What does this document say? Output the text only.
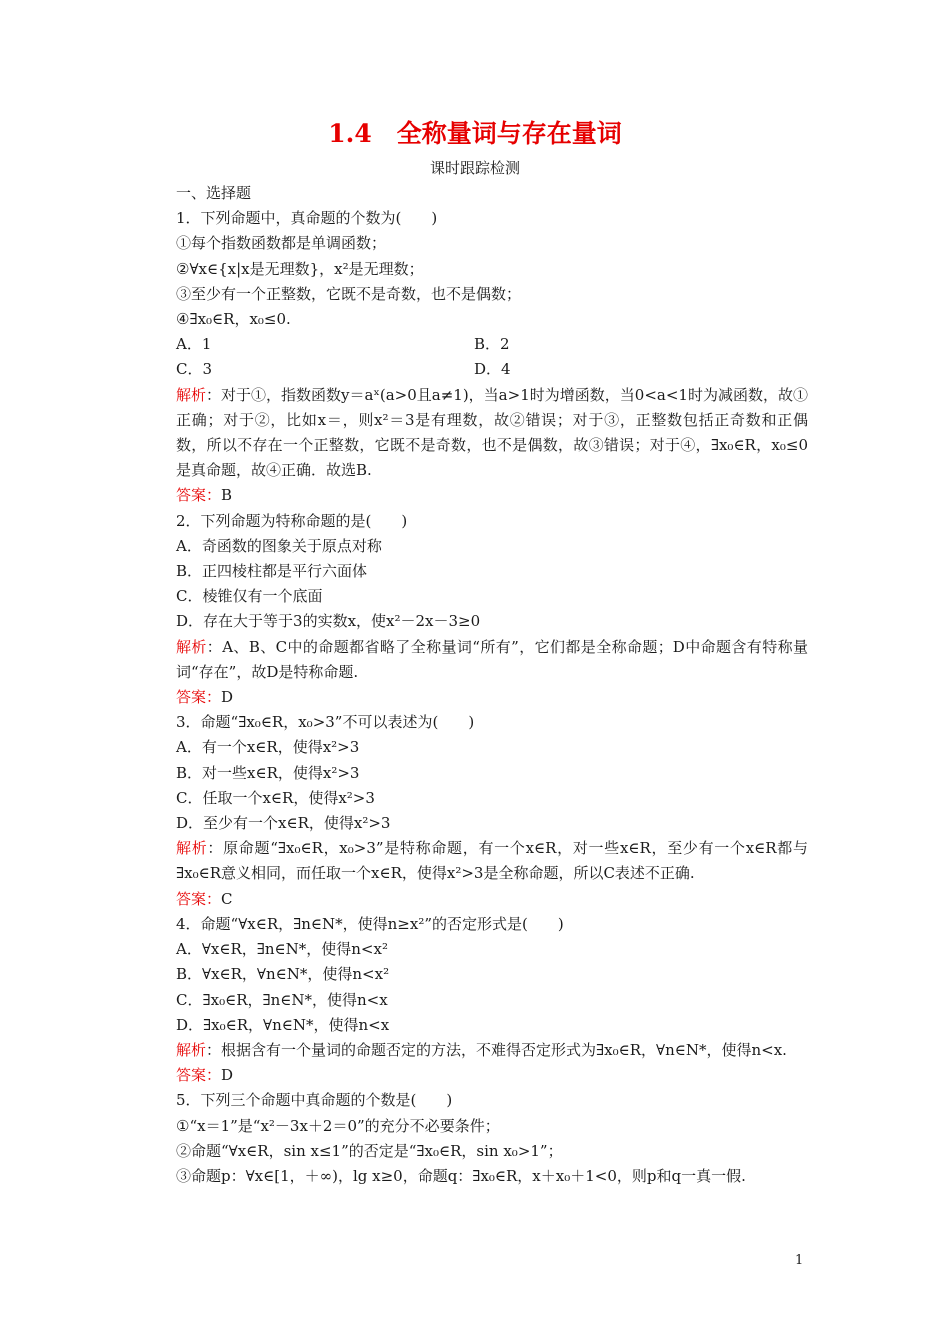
1.4　全称量词与存在量词
课时跟踪检测
一、选择题
1．下列命题中，真命题的个数为(　　)
①每个指数函数都是单调函数；
②∀x∈{x|x是无理数}，x²是无理数；
③至少有一个正整数，它既不是奇数，也不是偶数；
④∃x₀∈R，x₀≤0.
A．1	B．2
C．3	D．4
解析：对于①，指数函数y＝aˣ(a>0且a≠1)，当a>1时为增函数，当0<a<1时为减函数，故①正确；对于②，比如x＝，则x²＝3是有理数，故②错误；对于③，正整数包括正奇数和正偶数，所以不存在一个正整数，它既不是奇数，也不是偶数，故③错误；对于④，∃x₀∈R，x₀≤0是真命题，故④正确．故选B.
答案：B
2．下列命题为特称命题的是(　　)
A．奇函数的图象关于原点对称
B．正四棱柱都是平行六面体
C．棱锥仅有一个底面
D．存在大于等于3的实数x，使x²－2x－3≥0
解析：A、B、C中的命题都省略了全称量词“所有”，它们都是全称命题；D中命题含有特称量词“存在”，故D是特称命题.
答案：D
3．命题“∃x₀∈R，x₀>3”不可以表述为(　　)
A．有一个x∈R，使得x²>3
B．对一些x∈R，使得x²>3
C．任取一个x∈R，使得x²>3
D．至少有一个x∈R，使得x²>3
解析：原命题“∃x₀∈R，x₀>3”是特称命题，有一个x∈R，对一些x∈R，至少有一个x∈R都与∃x₀∈R意义相同，而任取一个x∈R，使得x²>3是全称命题，所以C表述不正确.
答案：C
4．命题“∀x∈R，∃n∈N*，使得n≥x²”的否定形式是(　　)
A．∀x∈R，∃n∈N*，使得n<x²
B．∀x∈R，∀n∈N*，使得n<x²
C．∃x₀∈R，∃n∈N*，使得n<x
D．∃x₀∈R，∀n∈N*，使得n<x
解析：根据含有一个量词的命题否定的方法，不难得否定形式为∃x₀∈R，∀n∈N*，使得n<x.
答案：D
5．下列三个命题中真命题的个数是(　　)
①“x＝1”是“x²－3x＋2＝0”的充分不必要条件；
②命题“∀x∈R，sin x≤1”的否定是“∃x₀∈R，sin x₀>1”；
③命题p：∀x∈[1，＋∞)，lg x≥0，命题q：∃x₀∈R，x＋x₀＋1<0，则p和q一真一假.
1
